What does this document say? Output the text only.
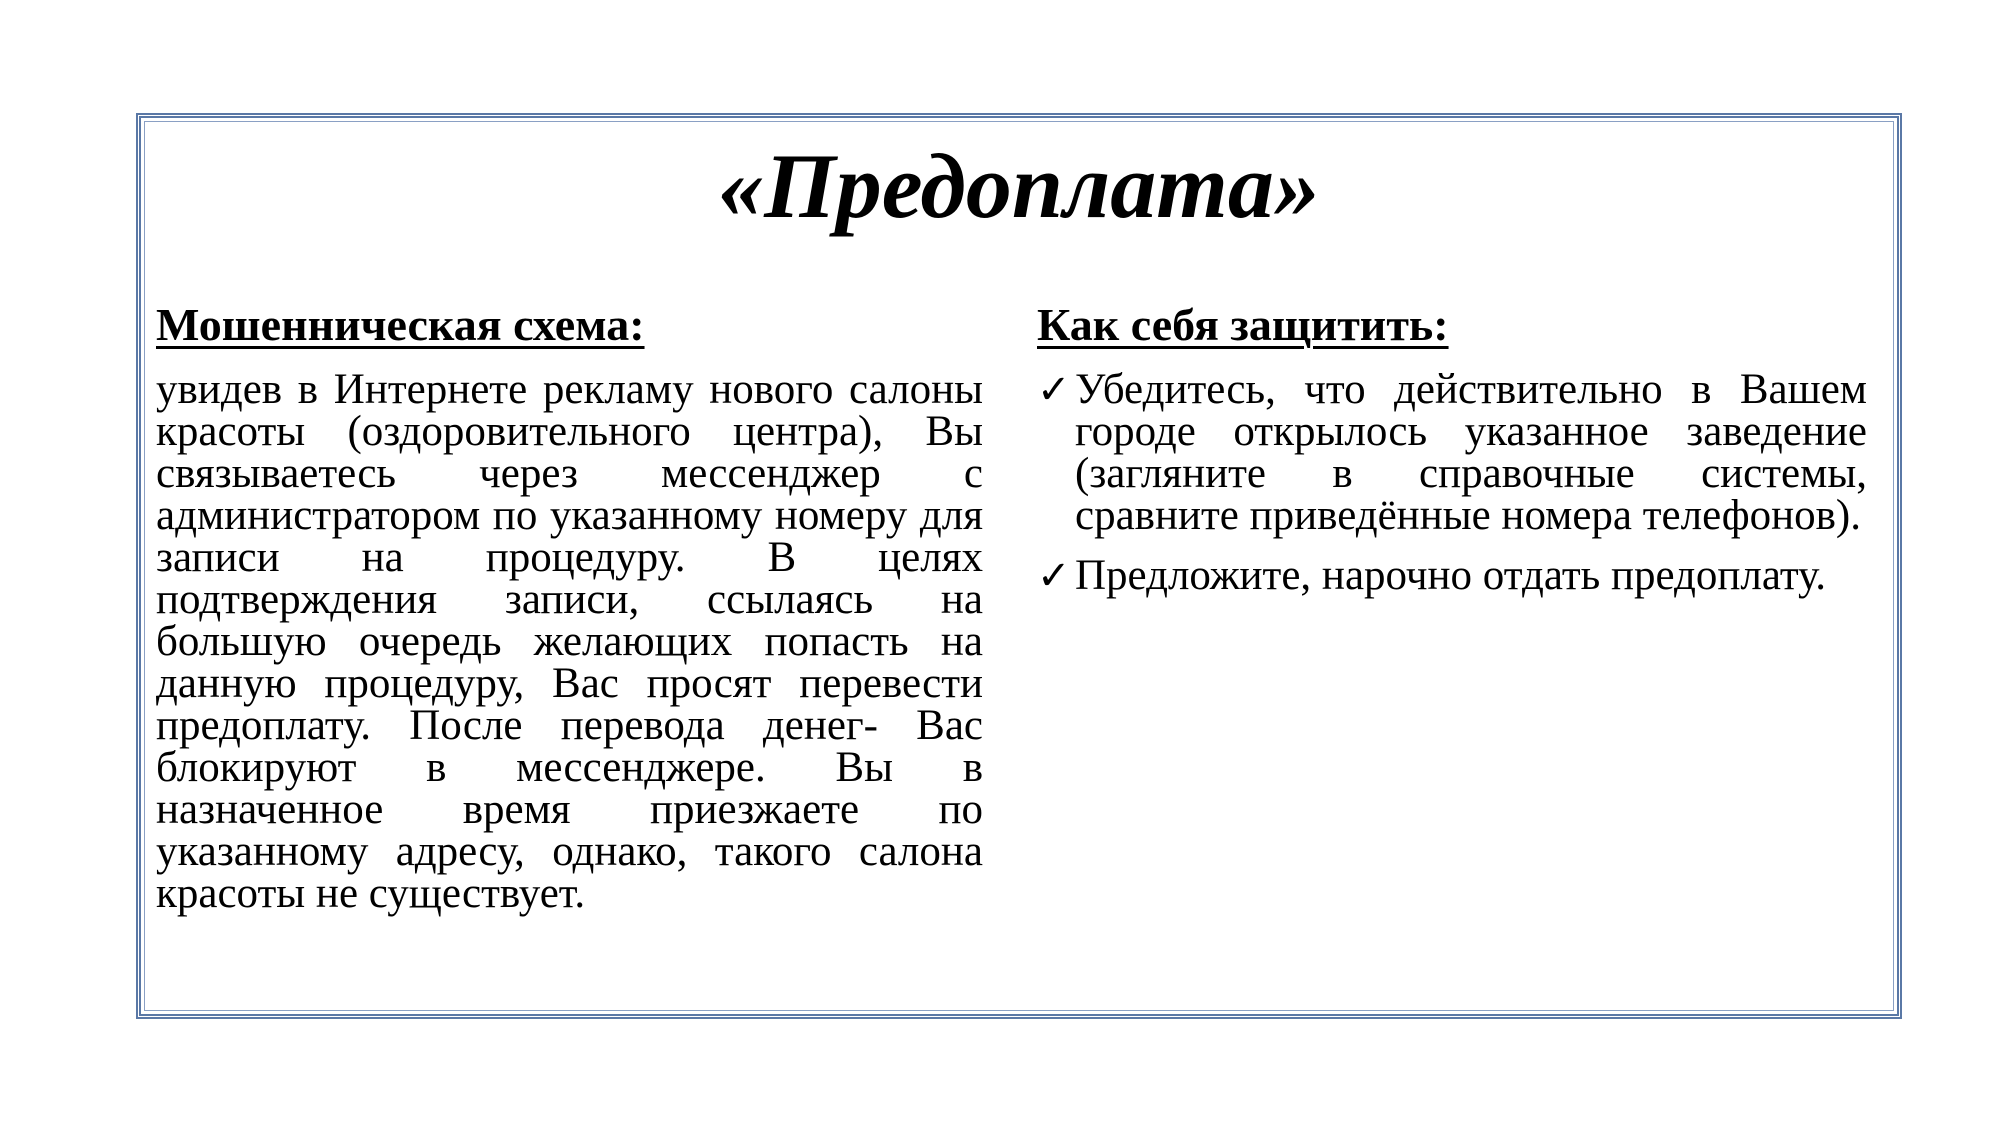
«Предоплата»
Мошенническая схема:

увидев в Интернете рекламу нового салоны красоты (оздоровительного центра), Вы связываетесь через мессенджер с администратором по указанному номеру для записи на процедуру. В целях подтверждения записи, ссылаясь на большую очередь желающих попасть на данную процедуру, Вас просят перевести предоплату. После перевода денег- Вас блокируют в мессенджере. Вы в назначенное время приезжаете по указанному адресу, однако, такого салона красоты не существует.

Как себя защитить:
✓ Убедитесь, что действительно в Вашем городе открылось указанное заведение (загляните в справочные системы, сравните приведённые номера телефонов).
✓ Предложите, нарочно отдать предоплату.
